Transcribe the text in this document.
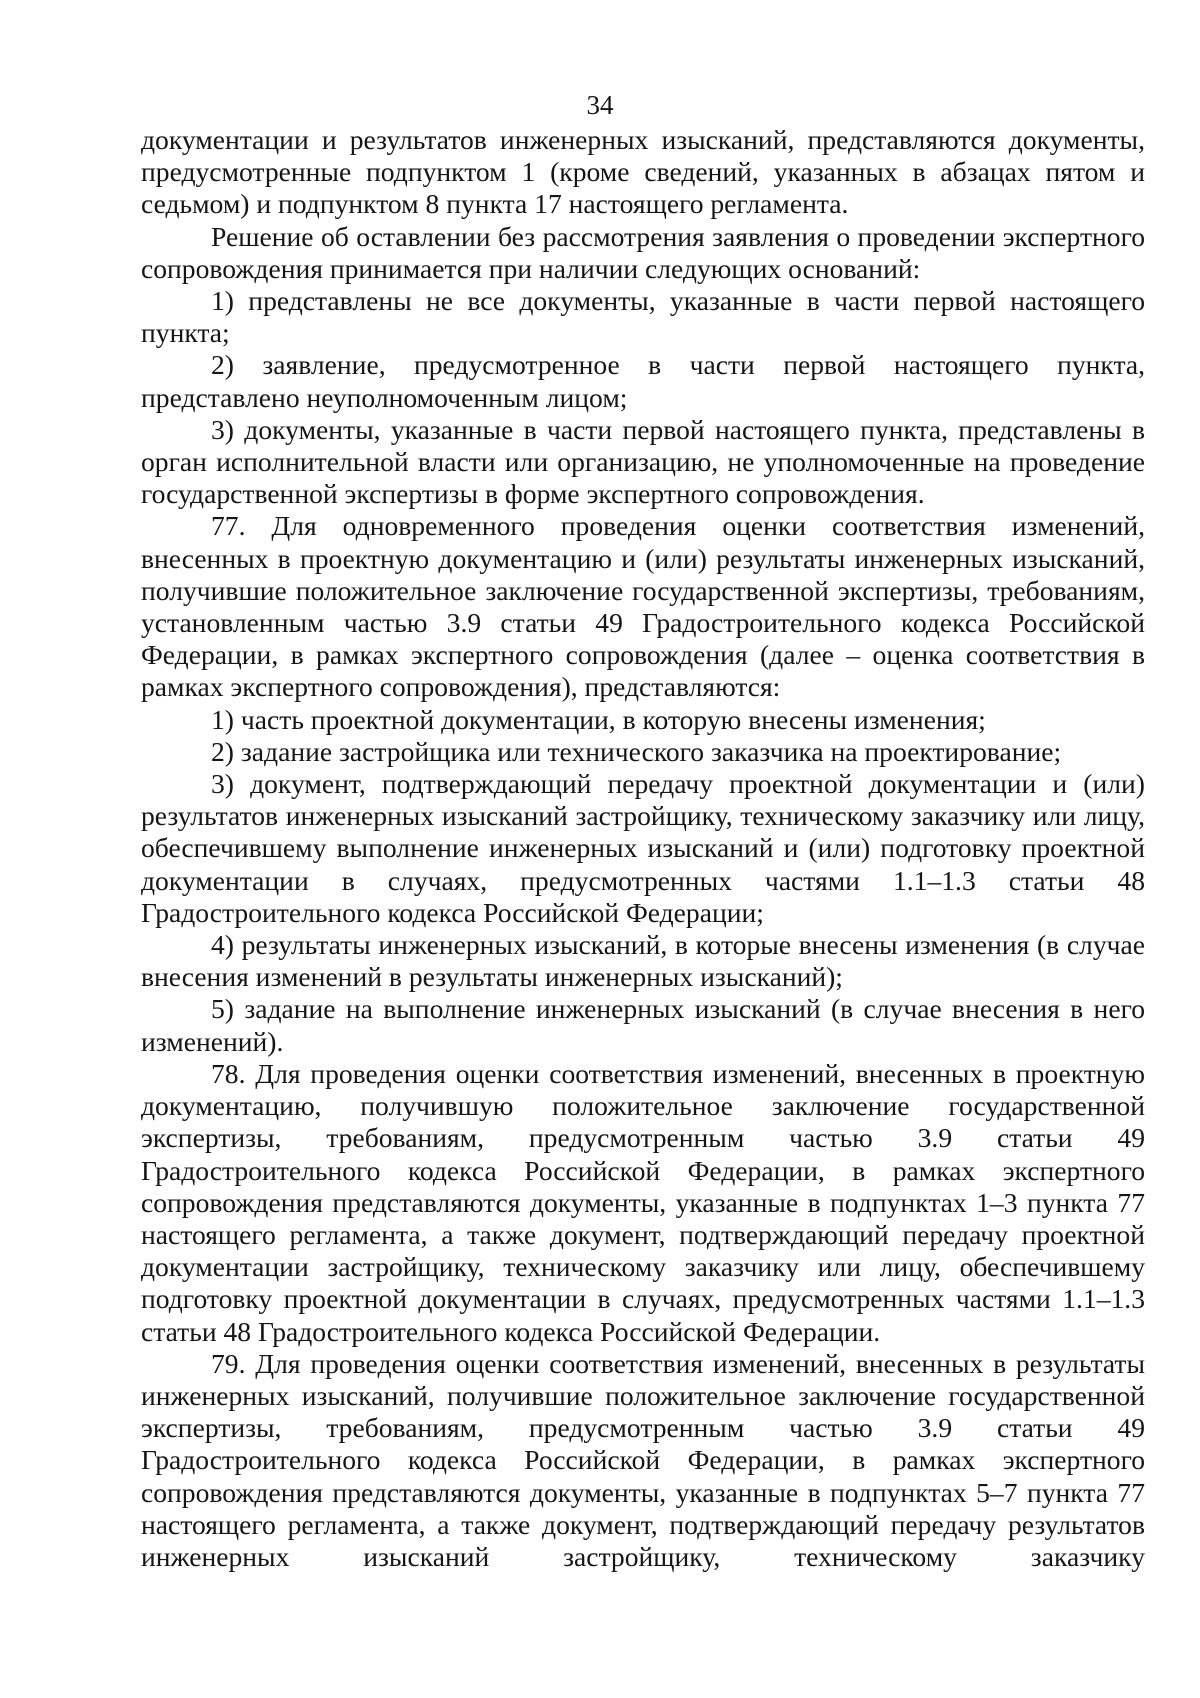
34

документации и результатов инженерных изысканий, представляются документы, предусмотренные подпунктом 1 (кроме сведений, указанных в абзацах пятом и седьмом) и подпунктом 8 пункта 17 настоящего регламента.

Решение об оставлении без рассмотрения заявления о проведении экспертного сопровождения принимается при наличии следующих оснований:

1) представлены не все документы, указанные в части первой настоящего пункта;

2) заявление, предусмотренное в части первой настоящего пункта, представлено неуполномоченным лицом;

3) документы, указанные в части первой настоящего пункта, представлены в орган исполнительной власти или организацию, не уполномоченные на проведение государственной экспертизы в форме экспертного сопровождения.

77. Для одновременного проведения оценки соответствия изменений, внесенных в проектную документацию и (или) результаты инженерных изысканий, получившие положительное заключение государственной экспертизы, требованиям, установленным частью 3.9 статьи 49 Градостроительного кодекса Российской Федерации, в рамках экспертного сопровождения (далее – оценка соответствия в рамках экспертного сопровождения), представляются:

1) часть проектной документации, в которую внесены изменения;

2) задание застройщика или технического заказчика на проектирование;

3) документ, подтверждающий передачу проектной документации и (или) результатов инженерных изысканий застройщику, техническому заказчику или лицу, обеспечившему выполнение инженерных изысканий и (или) подготовку проектной документации в случаях, предусмотренных частями 1.1–1.3 статьи 48 Градостроительного кодекса Российской Федерации;

4) результаты инженерных изысканий, в которые внесены изменения (в случае внесения изменений в результаты инженерных изысканий);

5) задание на выполнение инженерных изысканий (в случае внесения в него изменений).

78. Для проведения оценки соответствия изменений, внесенных в проектную документацию, получившую положительное заключение государственной экспертизы, требованиям, предусмотренным частью 3.9 статьи 49 Градостроительного кодекса Российской Федерации, в рамках экспертного сопровождения представляются документы, указанные в подпунктах 1–3 пункта 77 настоящего регламента, а также документ, подтверждающий передачу проектной документации застройщику, техническому заказчику или лицу, обеспечившему подготовку проектной документации в случаях, предусмотренных частями 1.1–1.3 статьи 48 Градостроительного кодекса Российской Федерации.

79. Для проведения оценки соответствия изменений, внесенных в результаты инженерных изысканий, получившие положительное заключение государственной экспертизы, требованиям, предусмотренным частью 3.9 статьи 49 Градостроительного кодекса Российской Федерации, в рамках экспертного сопровождения представляются документы, указанные в подпунктах 5–7 пункта 77 настоящего регламента, а также документ, подтверждающий передачу результатов инженерных изысканий застройщику, техническому заказчику
